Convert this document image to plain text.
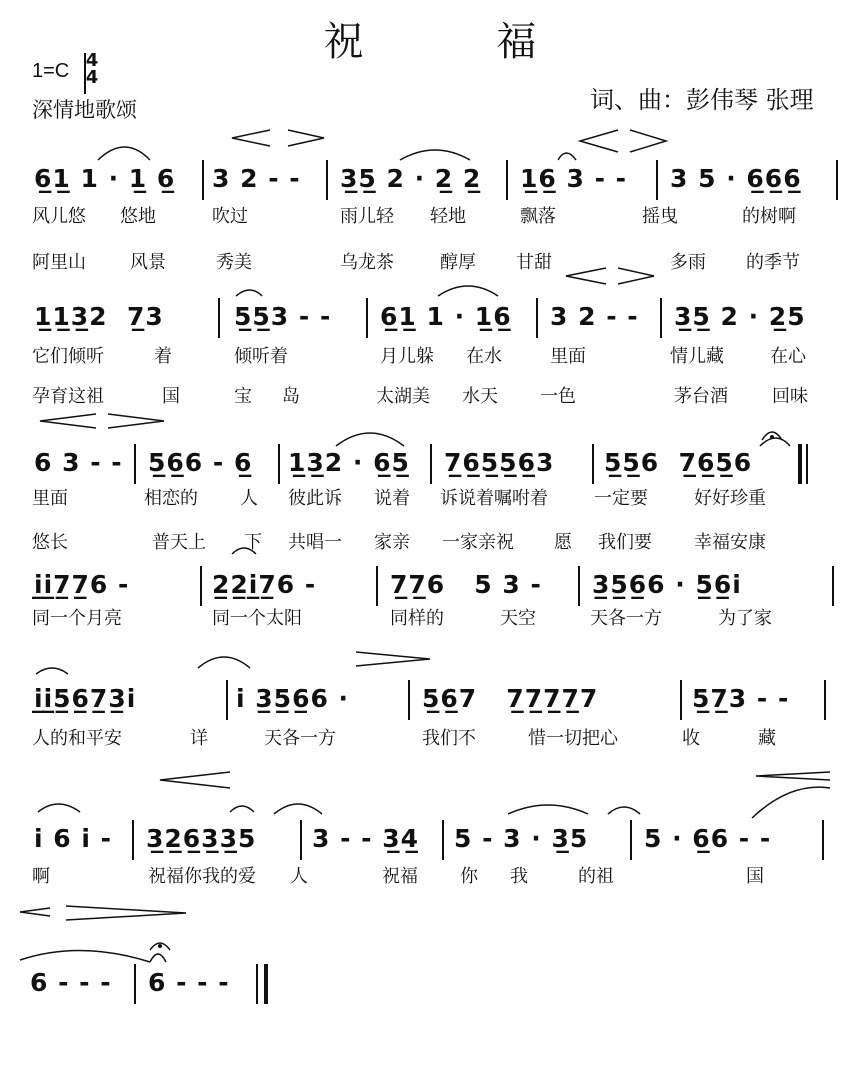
祝 福
1=C 4
4
深情地歌颂	词、曲：彭伟琴 张理
6̲1̲ 1 · 1̲ 6̲	3 2 - -	3̲5̲ 2 · 2̲ 2̲	1̲6̲ 3 - -	3 5 · 6̲6̲6̲

风儿悠

悠地

	吹过

	雨儿轻

轻地

	飘落

	摇曳

	的树啊

阿里山

风景

	秀美

	乌龙茶

	醇厚

甘甜

	多雨

的季节

1̲1̲3̲2  7̲3	5̲5̲3 - -	6̲1̲ 1 · 1̲6̲	3 2 - -	3̲5̲ 2 · 2̲5

它们倾听

	着

	倾听着

	月儿躲

在水

	里面

	情儿藏

	在心

孕育这祖

	国

	宝

岛

	太湖美

水天

一色

	茅台酒

回味

6 3 - -	5̲6̲6 - 6̲	1̲3̲2 · 6̲5̲	7̲6̲5̲5̲6̲3	5̲5̲6  7̲6̲5̲6

里面

	相恋的

人

彼此诉

说着

诉说着嘱咐着

	一定要

	好好珍重

悠长

	普天上

下

共唱一

家亲

一家亲祝

愿

我们要

幸福安康

i̲i̲7̲7̲6 -	2̲2̲i̲7̲6 -	7̲7̲6   5 3 -	3̲5̲6̲6 · 5̲6̲i

同一个月亮

	同一个太阳

	同样的

	天空

	天各一方

	为了家

i̲i̲5̲6̲7̲3̲i	i 3̲5̲6̲6 ·	5̲6̲7   7̲7̲7̲7̲7	5̲7̲3 - -

人的和平安

	详

	天各一方

	我们不

	惜一切把心

	收

	藏

i 6 i -	3̲2̲6̲3̲3̲5	3 - - 3̲4̲	5 - 3 · 3̲5	5 · 6̲6 - -

啊

	祝福你我的爱

人

	祝福

你

我

	的祖

	国

6 - - -	6 - - -
